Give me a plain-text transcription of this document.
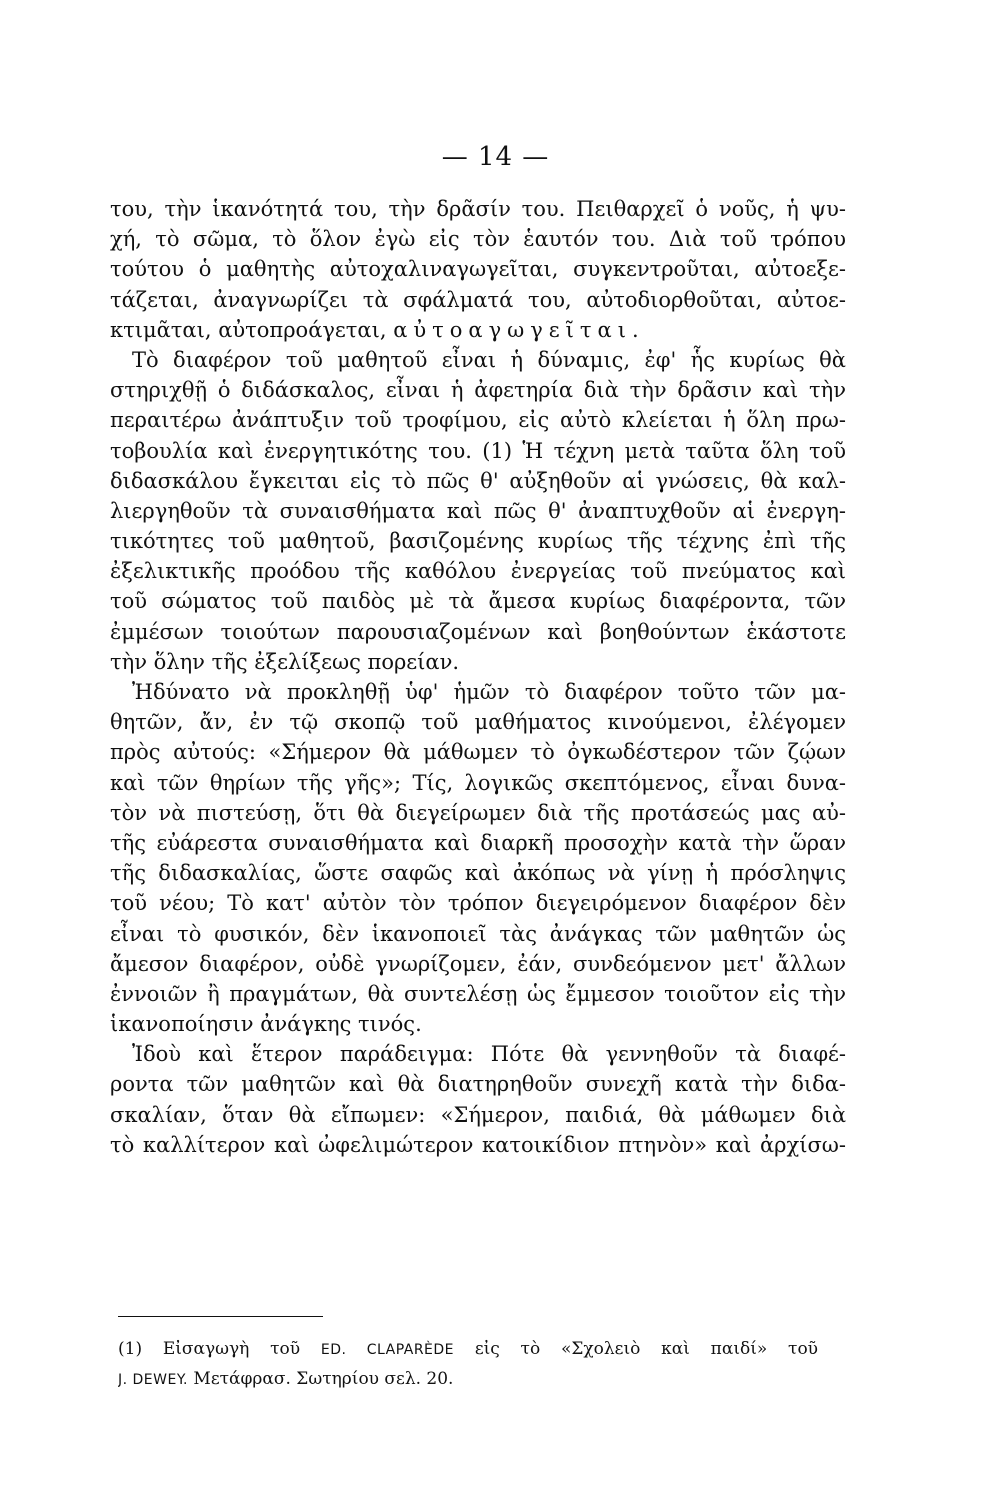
— 14 —
του, τὴν ἱκανότητά του, τὴν δρᾶσίν του. Πειθαρχεῖ ὁ νοῦς, ἡ ψυ-
χή, τὸ σῶμα, τὸ ὅλον ἐγὼ εἰς τὸν ἑαυτόν του. Διὰ τοῦ τρόπου
τούτου ὁ μαθητὴς αὐτοχαλιναγωγεῖται, συγκεντροῦται, αὐτοεξε-
τάζεται, ἀναγνωρίζει τὰ σφάλματά του, αὐτοδιορθοῦται, αὐτοε-
κτιμᾶται, αὐτοπροάγεται, αὐτοαγωγεῖται.
Τὸ διαφέρον τοῦ μαθητοῦ εἶναι ἡ δύναμις, ἐφ' ἧς κυρίως θὰ
στηριχθῇ ὁ διδάσκαλος, εἶναι ἡ ἀφετηρία διὰ τὴν δρᾶσιν καὶ τὴν
περαιτέρω ἀνάπτυξιν τοῦ τροφίμου, εἰς αὐτὸ κλείεται ἡ ὅλη πρω-
τοβουλία καὶ ἐνεργητικότης του. (1) Ἡ τέχνη μετὰ ταῦτα ὅλη τοῦ
διδασκάλου ἔγκειται εἰς τὸ πῶς θ' αὐξηθοῦν αἱ γνώσεις, θὰ καλ-
λιεργηθοῦν τὰ συναισθήματα καὶ πῶς θ' ἀναπτυχθοῦν αἱ ἐνεργη-
τικότητες τοῦ μαθητοῦ, βασιζομένης κυρίως τῆς τέχνης ἐπὶ τῆς
ἐξελικτικῆς προόδου τῆς καθόλου ἐνεργείας τοῦ πνεύματος καὶ
τοῦ σώματος τοῦ παιδὸς μὲ τὰ ἄμεσα κυρίως διαφέροντα, τῶν
ἐμμέσων τοιούτων παρουσιαζομένων καὶ βοηθούντων ἑκάστοτε
τὴν ὅλην τῆς ἐξελίξεως πορείαν.
Ἠδύνατο νὰ προκληθῇ ὑφ' ἡμῶν τὸ διαφέρον τοῦτο τῶν μα-
θητῶν, ἄν, ἐν τῷ σκοπῷ τοῦ μαθήματος κινούμενοι, ἐλέγομεν
πρὸς αὐτούς: «Σήμερον θὰ μάθωμεν τὸ ὀγκωδέστερον τῶν ζῴων
καὶ τῶν θηρίων τῆς γῆς»; Τίς, λογικῶς σκεπτόμενος, εἶναι δυνα-
τὸν νὰ πιστεύσῃ, ὅτι θὰ διεγείρωμεν διὰ τῆς προτάσεώς μας αὐ-
τῆς εὐάρεστα συναισθήματα καὶ διαρκῆ προσοχὴν κατὰ τὴν ὥραν
τῆς διδασκαλίας, ὥστε σαφῶς καὶ ἀκόπως νὰ γίνῃ ἡ πρόσληψις
τοῦ νέου; Τὸ κατ' αὐτὸν τὸν τρόπον διεγειρόμενον διαφέρον δὲν
εἶναι τὸ φυσικόν, δὲν ἱκανοποιεῖ τὰς ἀνάγκας τῶν μαθητῶν ὡς
ἄμεσον διαφέρον, οὐδὲ γνωρίζομεν, ἐάν, συνδεόμενον μετ' ἄλλων
ἐννοιῶν ἢ πραγμάτων, θὰ συντελέσῃ ὡς ἔμμεσον τοιοῦτον εἰς τὴν
ἱκανοποίησιν ἀνάγκης τινός.
Ἰδοὺ καὶ ἕτερον παράδειγμα: Πότε θὰ γεννηθοῦν τὰ διαφέ-
ροντα τῶν μαθητῶν καὶ θὰ διατηρηθοῦν συνεχῆ κατὰ τὴν διδα-
σκαλίαν, ὅταν θὰ εἴπωμεν: «Σήμερον, παιδιά, θὰ μάθωμεν διὰ
τὸ καλλίτερον καὶ ὠφελιμώτερον κατοικίδιον πτηνὸν» καὶ ἀρχίσω-
(1) Εἰσαγωγὴ τοῦ ED. CLAPARÈDE εἰς τὸ «Σχολειὸ καὶ παιδί» τοῦ
J. DEWEY. Μετάφρασ. Σωτηρίου σελ. 20.
